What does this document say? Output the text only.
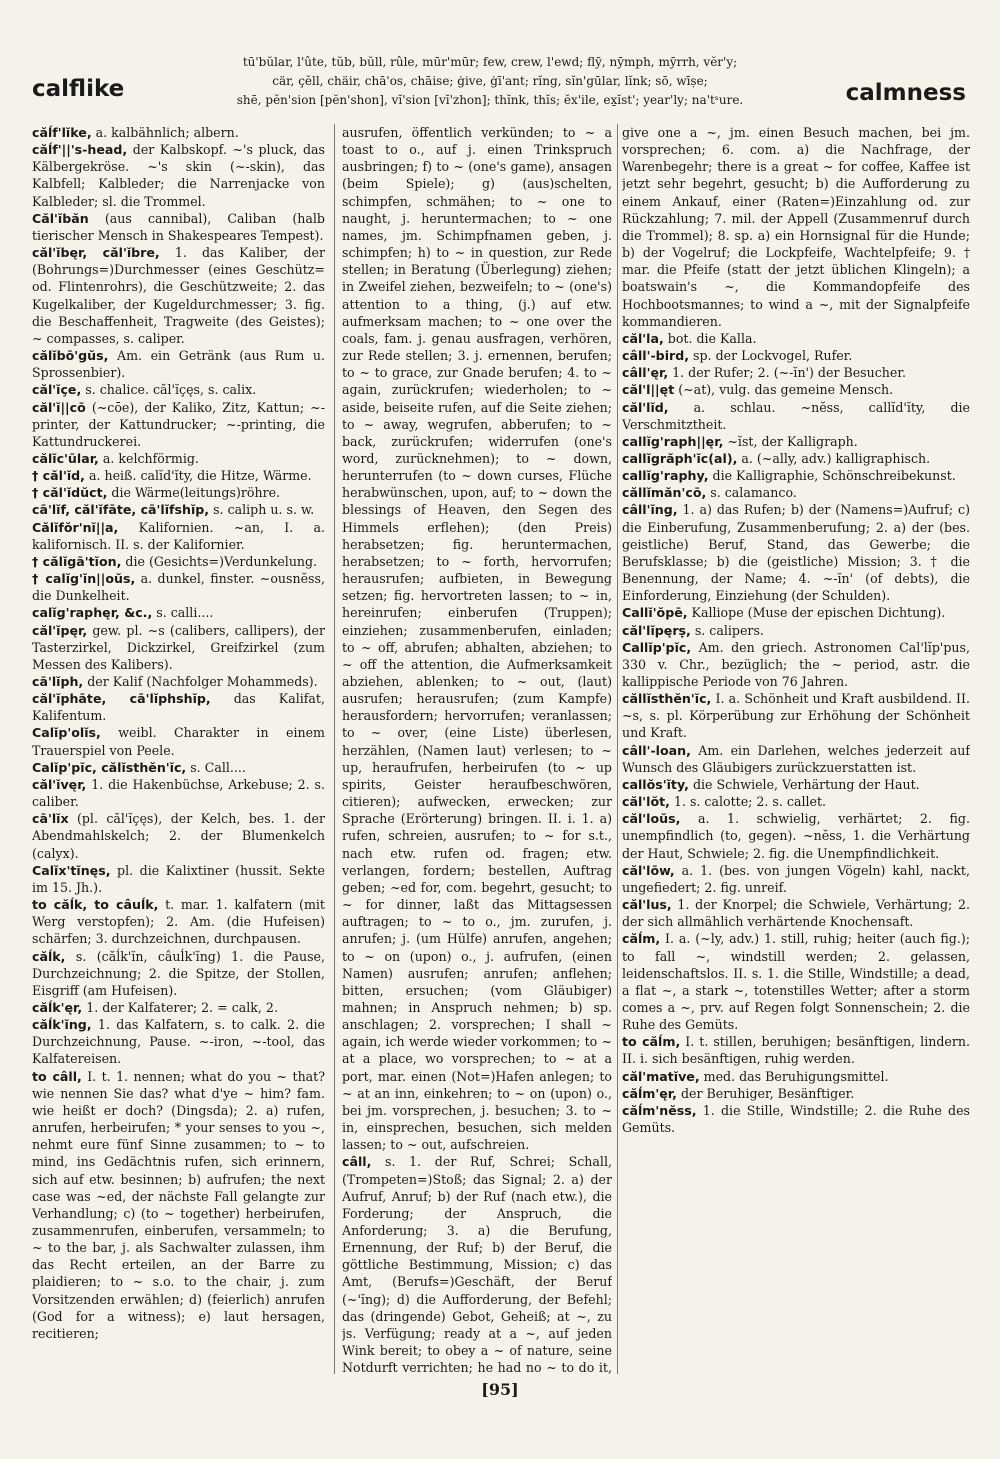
calflike
tū'bŭlar, l'ûte, tŭb, bŭll, rûle, mūr'mūr; few, crew, l'ewd; flȳ, nȳmph, mȳrrh, vĕr'y;
cär, çĕll, chäir, chā'os, chāise; ġive, ġī'ant; rĭng, sĭn'gūlar, lĭnk; sō, wīṣe;
shē, pĕn'sion [pĕn'shon], vĭ'sion [vĭ'zhon]; thĭnk, thĭs; ĕx'ile, ex̱ĭst'; year'ly; na'tˢure.	calmness

căĺf'lĭke, a. kalbähnlich; albern.

căĺf'||'s-head, der Kalbskopf. ~'s pluck, das Kälbergekröse. ~'s skin (~-skin), das Kalbfell; Kalbleder; die Narrenjacke von Kalbleder; sl. die Trommel.

Căl'ĭbăn (aus cannibal), Caliban (halb tierischer Mensch in Shakespeares Tempest).

căl'ĭbęr, căl'ĭbre, 1. das Kaliber, der (Bohrungs=)Durchmesser (eines Geschütz= od. Flintenrohrs), die Geschützweite; 2. das Kugelkaliber, der Kugeldurchmesser; 3. fig. die Beschaffenheit, Tragweite (des Geistes); ~ compasses, s. caliper.

călĭbō'gŭs, Am. ein Getränk (aus Rum u. Sprossenbier).

căl'ĭçe, s. chalice. căl'ĭçęs, s. calix.

căl'ĭ||cō (~cōe), der Kaliko, Zitz, Kattun; ~-printer, der Kattundrucker; ~-printing, die Kattundruckerei.

călĭc'ūlar, a. kelchförmig.

† căl'ĭd, a. heiß. calĭd'ĭty, die Hitze, Wärme.

† căl'ĭdŭct, die Wärme(leitungs)röhre.

cā'lĭf, căl'ĭfāte, cā'lĭfshĭp, s. caliph u. s. w.

Călĭfŏr'nĭ||a, Kalifornien. ~an, I. a. kalifornisch. II. s. der Kalifornier.

† călĭgā'tĭon, die (Gesichts=)Verdunkelung.

† calĭg'ĭn||oŭs, a. dunkel, finster. ~ousnĕss, die Dunkelheit.

calĭg'raphęr, &c., s. calli....

căl'ĭpęr, gew. pl. ~s (calibers, callipers), der Tasterzirkel, Dickzirkel, Greifzirkel (zum Messen des Kalibers).

cā'lĭph, der Kalif (Nachfolger Mohammeds).

căl'ĭphāte, cā'lĭphshĭp, das Kalifat, Kalifentum.

Calĭp'olĭs, weibl. Charakter in einem Trauerspiel von Peele.

Calĭp'pĭc, călĭsthĕn'ĭc, s. Call....

căl'ĭvęr, 1. die Hakenbüchse, Arkebuse; 2. s. caliber.

cā'lĭx (pl. căl'ĭçęs), der Kelch, bes. 1. der Abendmahlskelch; 2. der Blumenkelch (calyx).

Calĭx'tĭnęs, pl. die Kalixtiner (hussit. Sekte im 15. Jh.).

to căĺk, to câuĺk, t. mar. 1. kalfatern (mit Werg verstopfen); 2. Am. (die Hufeisen) schärfen; 3. durchzeichnen, durchpausen.

căĺk, s. (căĺk'ĭn, câuĺk'ĭng) 1. die Pause, Durchzeichnung; 2. die Spitze, der Stollen, Eisgriff (am Hufeisen).

căĺk'ęr, 1. der Kalfaterer; 2. = calk, 2.

căĺk'ĭng, 1. das Kalfatern, s. to calk. 2. die Durchzeichnung, Pause. ~-iron, ~-tool, das Kalfatereisen.

to câll, I. t. 1. nennen; what do you ~ that? wie nennen Sie das? what d'ye ~ him? fam. wie heißt er doch? (Dingsda); 2. a) rufen, anrufen, herbeirufen; * your senses to you ~, nehmt eure fünf Sinne zusammen; to ~ to mind, ins Gedächtnis rufen, sich erinnern, sich auf etw. besinnen; b) aufrufen; the next case was ~ed, der nächste Fall gelangte zur Verhandlung; c) (to ~ together) herbeirufen, zusammenrufen, einberufen, versammeln; to ~ to the bar, j. als Sachwalter zulassen, ihm das Recht erteilen, an der Barre zu plaidieren; to ~ s.o. to the chair, j. zum Vorsitzenden erwählen; d) (feierlich) anrufen (God for a witness); e) laut hersagen, recitieren;

ausrufen, öffentlich verkünden; to ~ a toast to o., auf j. einen Trinkspruch ausbringen; f) to ~ (one's game), ansagen (beim Spiele); g) (aus)schelten, schimpfen, schmähen; to ~ one to naught, j. heruntermachen; to ~ one names, jm. Schimpfnamen geben, j. schimpfen; h) to ~ in question, zur Rede stellen; in Beratung (Überlegung) ziehen; in Zweifel ziehen, bezweifeln; to ~ (one's) attention to a thing, (j.) auf etw. aufmerksam machen; to ~ one over the coals, fam. j. genau ausfragen, verhören, zur Rede stellen; 3. j. ernennen, berufen; to ~ to grace, zur Gnade berufen; 4. to ~ again, zurückrufen; wiederholen; to ~ aside, beiseite rufen, auf die Seite ziehen; to ~ away, wegrufen, abberufen; to ~ back, zurückrufen; widerrufen (one's word, zurücknehmen); to ~ down, herunterrufen (to ~ down curses, Flüche herabwünschen, upon, auf; to ~ down the blessings of Heaven, den Segen des Himmels erflehen); (den Preis) herabsetzen; fig. heruntermachen, herabsetzen; to ~ forth, hervorrufen; herausrufen; aufbieten, in Bewegung setzen; fig. hervortreten lassen; to ~ in, hereinrufen; einberufen (Truppen); einziehen; zusammenberufen, einladen; to ~ off, abrufen; abhalten, abziehen; to ~ off the attention, die Aufmerksamkeit abziehen, ablenken; to ~ out, (laut) ausrufen; herausrufen; (zum Kampfe) herausfordern; hervorrufen; veranlassen; to ~ over, (eine Liste) überlesen, herzählen, (Namen laut) verlesen; to ~ up, heraufrufen, herbeirufen (to ~ up spirits, Geister heraufbeschwören, citieren); aufwecken, erwecken; zur Sprache (Erörterung) bringen. II. i. 1. a) rufen, schreien, ausrufen; to ~ for s.t., nach etw. rufen od. fragen; etw. verlangen, fordern; bestellen, Auftrag geben; ~ed for, com. begehrt, gesucht; to ~ for dinner, laßt das Mittagsessen auftragen; to ~ to o., jm. zurufen, j. anrufen; j. (um Hülfe) anrufen, angehen; to ~ on (upon) o., j. aufrufen, (einen Namen) ausrufen; anrufen; anflehen; bitten, ersuchen; (vom Gläubiger) mahnen; in Anspruch nehmen; b) sp. anschlagen; 2. vorsprechen; I shall ~ again, ich werde wieder vorkommen; to ~ at a place, wo vorsprechen; to ~ at a port, mar. einen (Not=)Hafen anlegen; to ~ at an inn, einkehren; to ~ on (upon) o., bei jm. vorsprechen, j. besuchen; 3. to ~ in, einsprechen, besuchen, sich melden lassen; to ~ out, aufschreien.

câll, s. 1. der Ruf, Schrei; Schall, (Trompeten=)Stoß; das Signal; 2. a) der Aufruf, Anruf; b) der Ruf (nach etw.), die Forderung; der Anspruch, die Anforderung; 3. a) die Berufung, Ernennung, der Ruf; b) der Beruf, die göttliche Bestimmung, Mission; c) das Amt, (Berufs=)Geschäft, der Beruf (~'ĭng); d) die Aufforderung, der Befehl; das (dringende) Gebot, Geheiß; at ~, zu js. Verfügung; ready at a ~, auf jeden Wink bereit; to obey a ~ of nature, seine Notdurft verrichten; he had no ~ to do it,

give one a ~, jm. einen Besuch machen, bei jm. vorsprechen; 6. com. a) die Nachfrage, der Warenbegehr; there is a great ~ for coffee, Kaffee ist jetzt sehr begehrt, gesucht; b) die Aufforderung zu einem Ankauf, einer (Raten=)Einzahlung od. zur Rückzahlung; 7. mil. der Appell (Zusammenruf durch die Trommel); 8. sp. a) ein Hornsignal für die Hunde; b) der Vogelruf; die Lockpfeife, Wachtelpfeife; 9. † mar. die Pfeife (statt der jetzt üblichen Klingeln); a boatswain's ~, die Kommandopfeife des Hochbootsmannes; to wind a ~, mit der Signalpfeife kommandieren.

căl'la, bot. die Kalla.

câll'-bird, sp. der Lockvogel, Rufer.

câll'ęr, 1. der Rufer; 2. (~-ĭn') der Besucher.

căl'l||ęt (~at), vulg. das gemeine Mensch.

căl'lĭd, a. schlau. ~nĕss, callĭd'ĭty, die Verschmitztheit.

callĭg'raph||ęr, ~ĭst, der Kalligraph.

callĭgrăph'ĭc(al), a. (~ally, adv.) kalligraphisch.

callĭg'raphy, die Kalligraphie, Schönschreibekunst.

căllĭmăn'cō, s. calamanco.

câll'ĭng, 1. a) das Rufen; b) der (Namens=)Aufruf; c) die Einberufung, Zusammenberufung; 2. a) der (bes. geistliche) Beruf, Stand, das Gewerbe; die Berufsklasse; b) die (geistliche) Mission; 3. † die Benennung, der Name; 4. ~-ĭn' (of debts), die Einforderung, Einziehung (der Schulden).

Callĭ'ŏpē, Kalliope (Muse der epischen Dichtung).

căl'lĭpęrṣ, s. calipers.

Callĭp'pĭc, Am. den griech. Astronomen Cal'lĭp'pus, 330 v. Chr., bezüglich; the ~ period, astr. die kallippische Periode von 76 Jahren.

căllĭsthĕn'ĭc, I. a. Schönheit und Kraft ausbildend. II. ~s, s. pl. Körperübung zur Erhöhung der Schönheit und Kraft.

câll'-loan, Am. ein Darlehen, welches jederzeit auf Wunsch des Gläubigers zurückzuerstatten ist.

callŏs'ĭty, die Schwiele, Verhärtung der Haut.

căl'lŏt, 1. s. calotte; 2. s. callet.

căl'loŭs, a. 1. schwielig, verhärtet; 2. fig. unempfindlich (to, gegen). ~nĕss, 1. die Verhärtung der Haut, Schwiele; 2. fig. die Unempfindlichkeit.

căl'lōw, a. 1. (bes. von jungen Vögeln) kahl, nackt, ungefiedert; 2. fig. unreif.

căl'lus, 1. der Knorpel; die Schwiele, Verhärtung; 2. der sich allmählich verhärtende Knochensaft.

căĺm, I. a. (~ly, adv.) 1. still, ruhig; heiter (auch fig.); to fall ~, windstill werden; 2. gelassen, leidenschaftslos. II. s. 1. die Stille, Windstille; a dead, a flat ~, a stark ~, totenstilles Wetter; after a storm comes a ~, prv. auf Regen folgt Sonnenschein; 2. die Ruhe des Gemüts.

to căĺm, I. t. stillen, beruhigen; besänftigen, lindern. II. i. sich besänftigen, ruhig werden.

căl'matĭve, med. das Beruhigungsmittel.

căĺm'ęr, der Beruhiger, Besänftiger.

căĺm'nĕss, 1. die Stille, Windstille; 2. die Ruhe des Gemüts.

[95]
